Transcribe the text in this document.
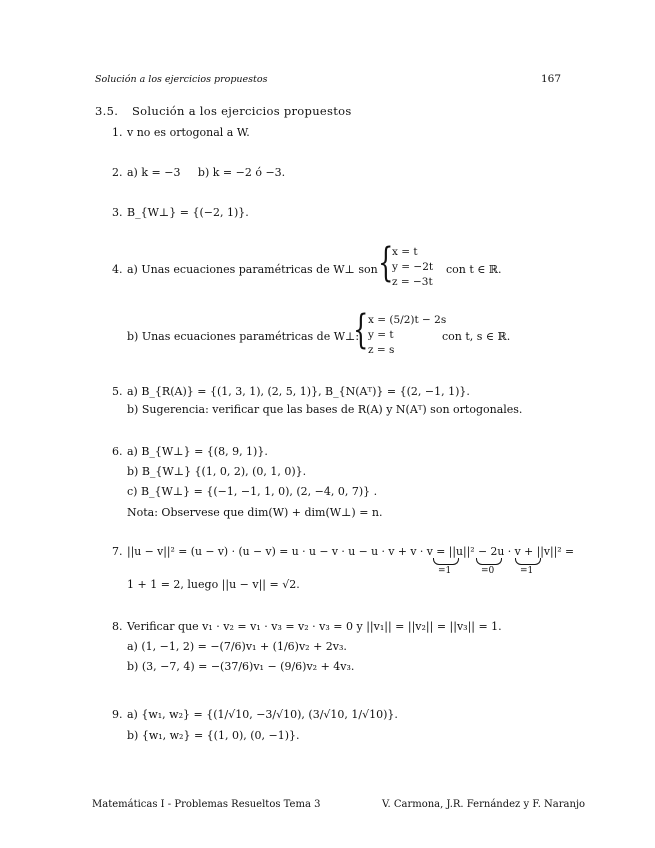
Solución a los ejercicios propuestos	167
3.5. Solución a los ejercicios propuestos
1. v no es ortogonal a W.
2. a) k = −3     b) k = −2 ó −3.
3. B_{W⊥} = {(−2, 1)}.
4. a) Unas ecuaciones paramétricas de W⊥ son {
x = t
y = −2t
z = −3t
con t ∈ ℝ.
b) Unas ecuaciones paramétricas de W⊥:
{ x = (5/2)t − 2s
y = t
z = s
con t, s ∈ ℝ.
5. a) B_{R(A)} = {(1, 3, 1), (2, 5, 1)}, B_{N(Aᵀ)} = {(2, −1, 1)}.
b) Sugerencia: verificar que las bases de R(A) y N(Aᵀ) son ortogonales.
6. a) B_{W⊥} = {(8, 9, 1)}.
b) B_{W⊥} {(1, 0, 2), (0, 1, 0)}.
c) B_{W⊥} = {(−1, −1, 1, 0), (2, −4, 0, 7)} .
Nota: Observese que dim(W) + dim(W⊥) = n.
7. ||u − v||² = (u − v) · (u − v) = u · u − v · u − u · v + v · v = ||u||² − 2u · v + ||v||² =
=1	=0	=1
1 + 1 = 2, luego ||u − v|| = √2.
8. Verificar que v₁ · v₂ = v₁ · v₃ = v₂ · v₃ = 0 y ||v₁|| = ||v₂|| = ||v₃|| = 1.
a) (1, −1, 2) = −(7/6)v₁ + (1/6)v₂ + 2v₃.
b) (3, −7, 4) = −(37/6)v₁ − (9/6)v₂ + 4v₃.
9. a) {w₁, w₂} = {(1/√10, −3/√10), (3/√10, 1/√10)}.
b) {w₁, w₂} = {(1, 0), (0, −1)}.
Matemáticas I - Problemas Resueltos Tema 3	V. Carmona, J.R. Fernández y F. Naranjo
